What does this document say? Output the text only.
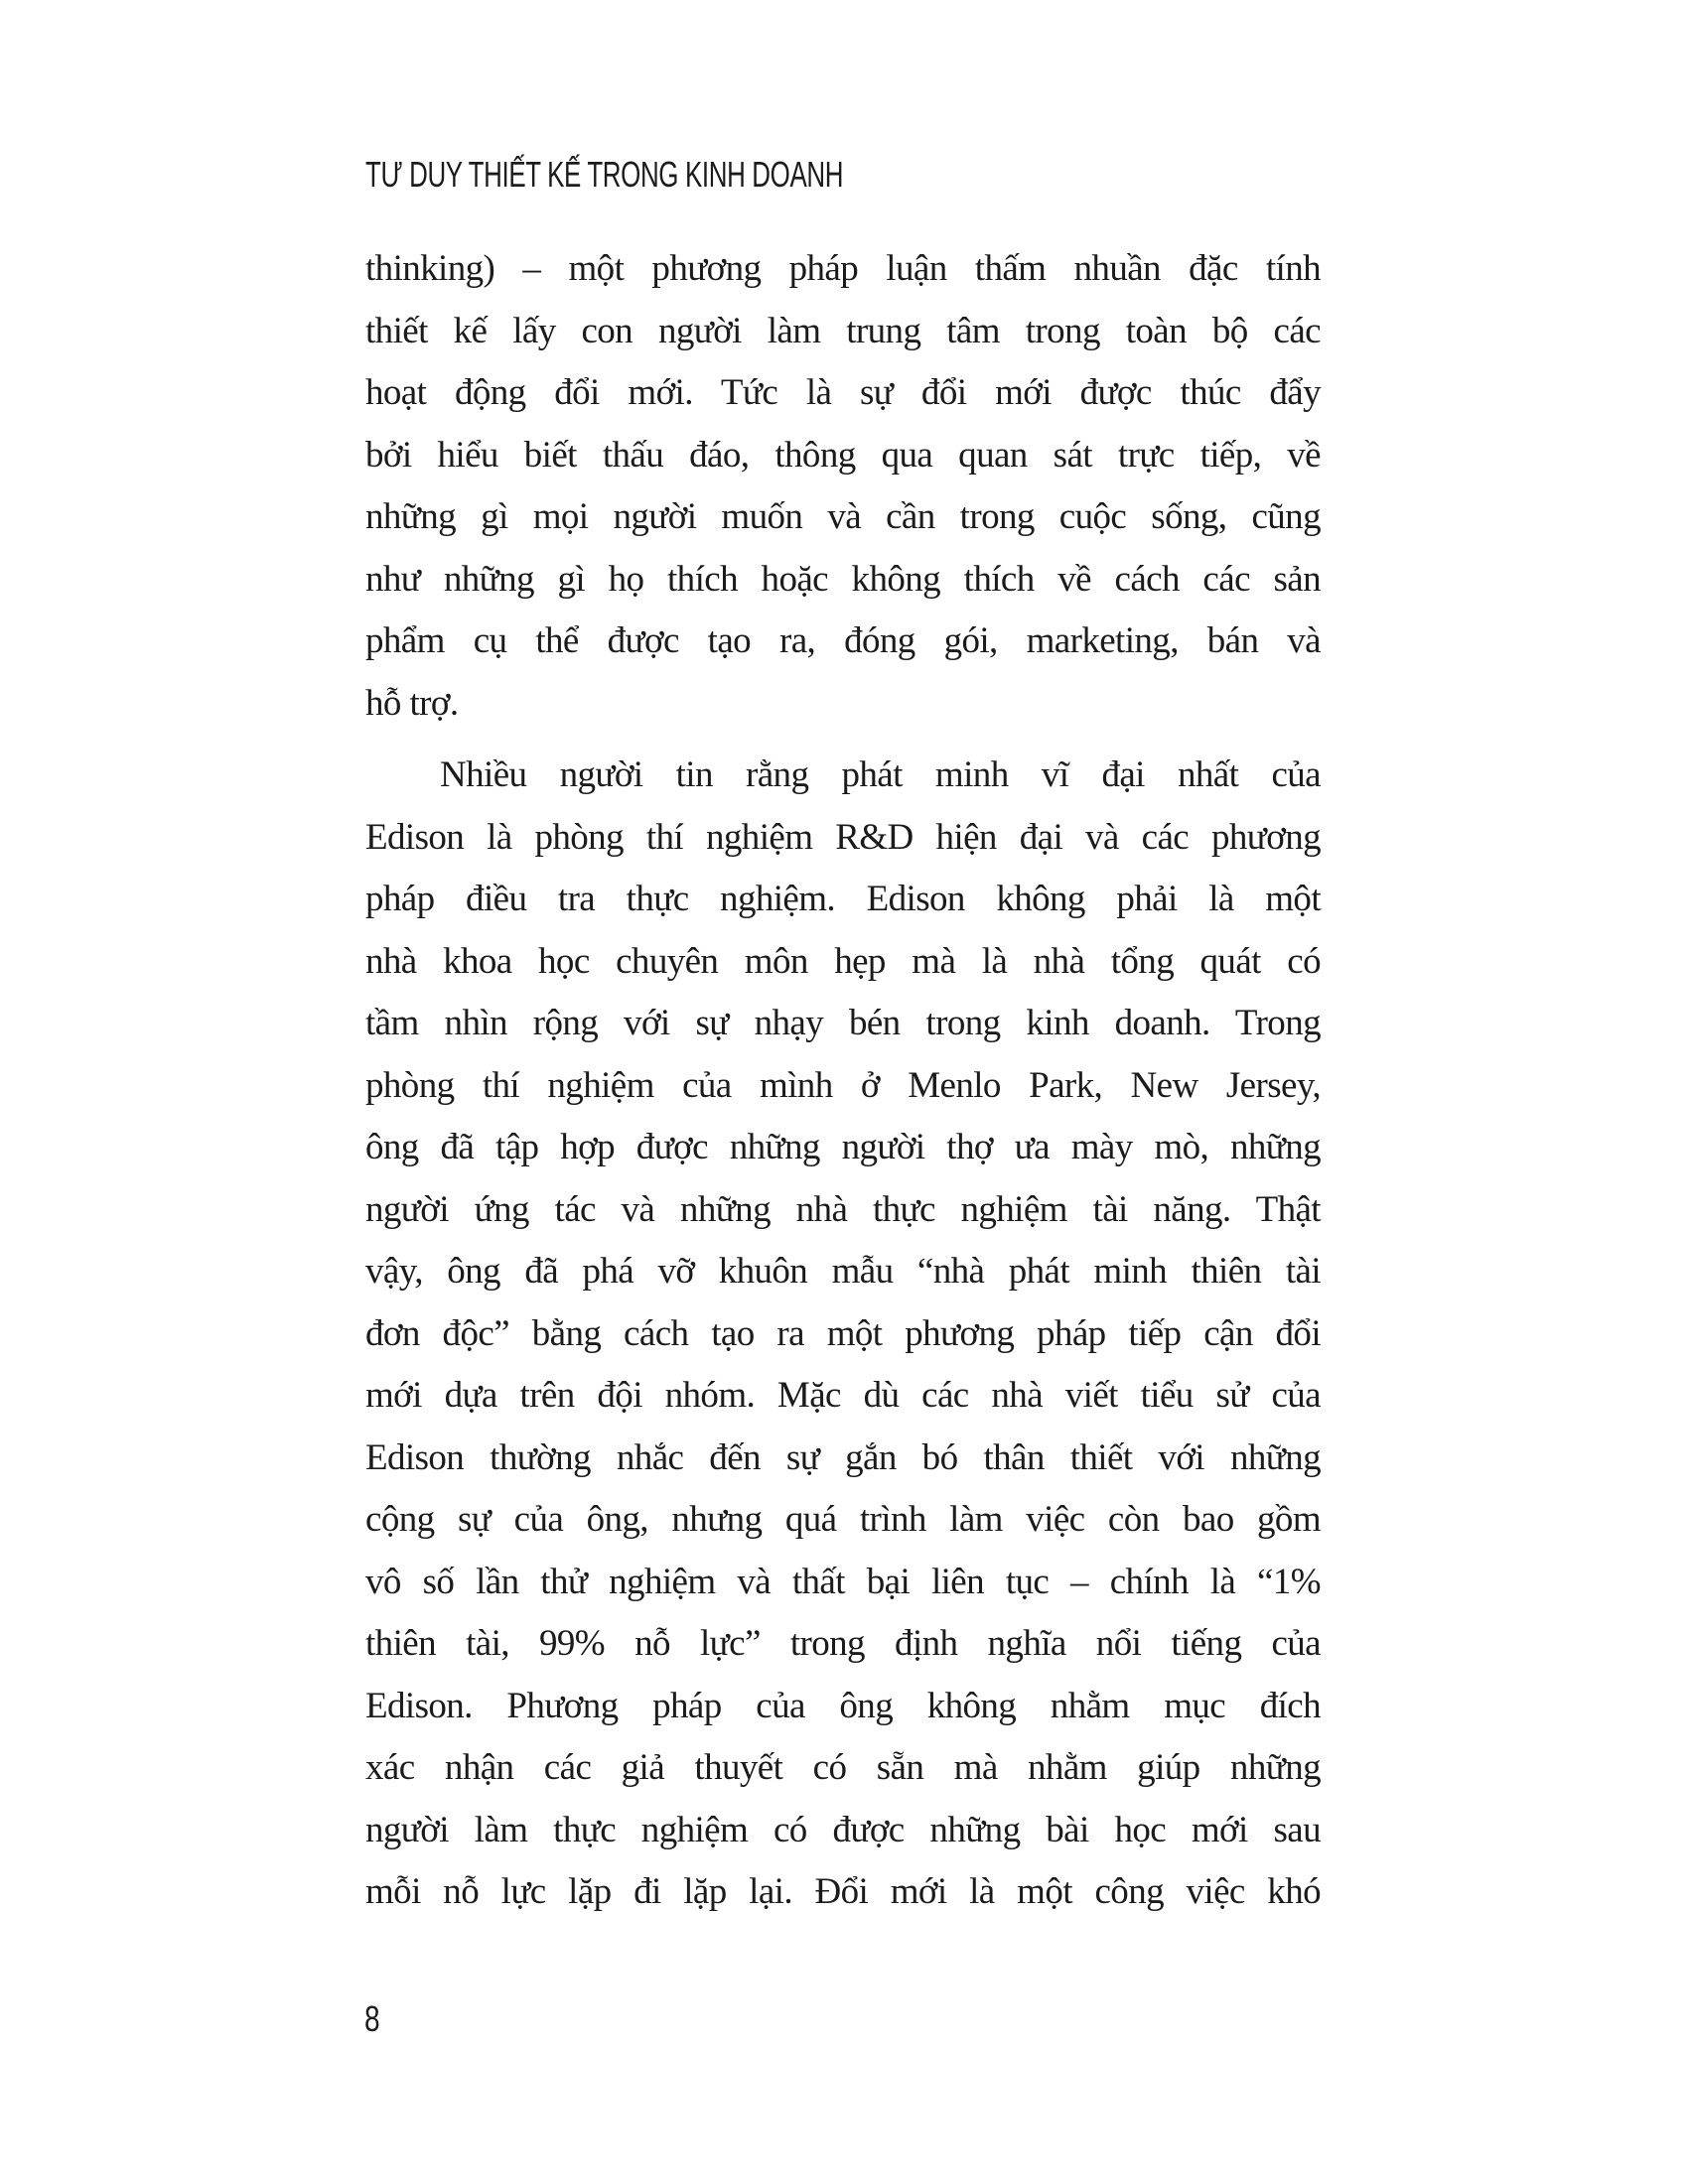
TƯ DUY THIẾT KẾ TRONG KINH DOANH
thinking) – một phương pháp luận thấm nhuần đặc tính
thiết kế lấy con người làm trung tâm trong toàn bộ các
hoạt động đổi mới. Tức là sự đổi mới được thúc đẩy
bởi hiểu biết thấu đáo, thông qua quan sát trực tiếp, về
những gì mọi người muốn và cần trong cuộc sống, cũng
như những gì họ thích hoặc không thích về cách các sản
phẩm cụ thể được tạo ra, đóng gói, marketing, bán và
hỗ trợ.
Nhiều người tin rằng phát minh vĩ đại nhất của
Edison là phòng thí nghiệm R&D hiện đại và các phương
pháp điều tra thực nghiệm. Edison không phải là một
nhà khoa học chuyên môn hẹp mà là nhà tổng quát có
tầm nhìn rộng với sự nhạy bén trong kinh doanh. Trong
phòng thí nghiệm của mình ở Menlo Park, New Jersey,
ông đã tập hợp được những người thợ ưa mày mò, những
người ứng tác và những nhà thực nghiệm tài năng. Thật
vậy, ông đã phá vỡ khuôn mẫu “nhà phát minh thiên tài
đơn độc” bằng cách tạo ra một phương pháp tiếp cận đổi
mới dựa trên đội nhóm. Mặc dù các nhà viết tiểu sử của
Edison thường nhắc đến sự gắn bó thân thiết với những
cộng sự của ông, nhưng quá trình làm việc còn bao gồm
vô số lần thử nghiệm và thất bại liên tục – chính là “1%
thiên tài, 99% nỗ lực” trong định nghĩa nổi tiếng của
Edison. Phương pháp của ông không nhằm mục đích
xác nhận các giả thuyết có sẵn mà nhằm giúp những
người làm thực nghiệm có được những bài học mới sau
mỗi nỗ lực lặp đi lặp lại. Đổi mới là một công việc khó
8
